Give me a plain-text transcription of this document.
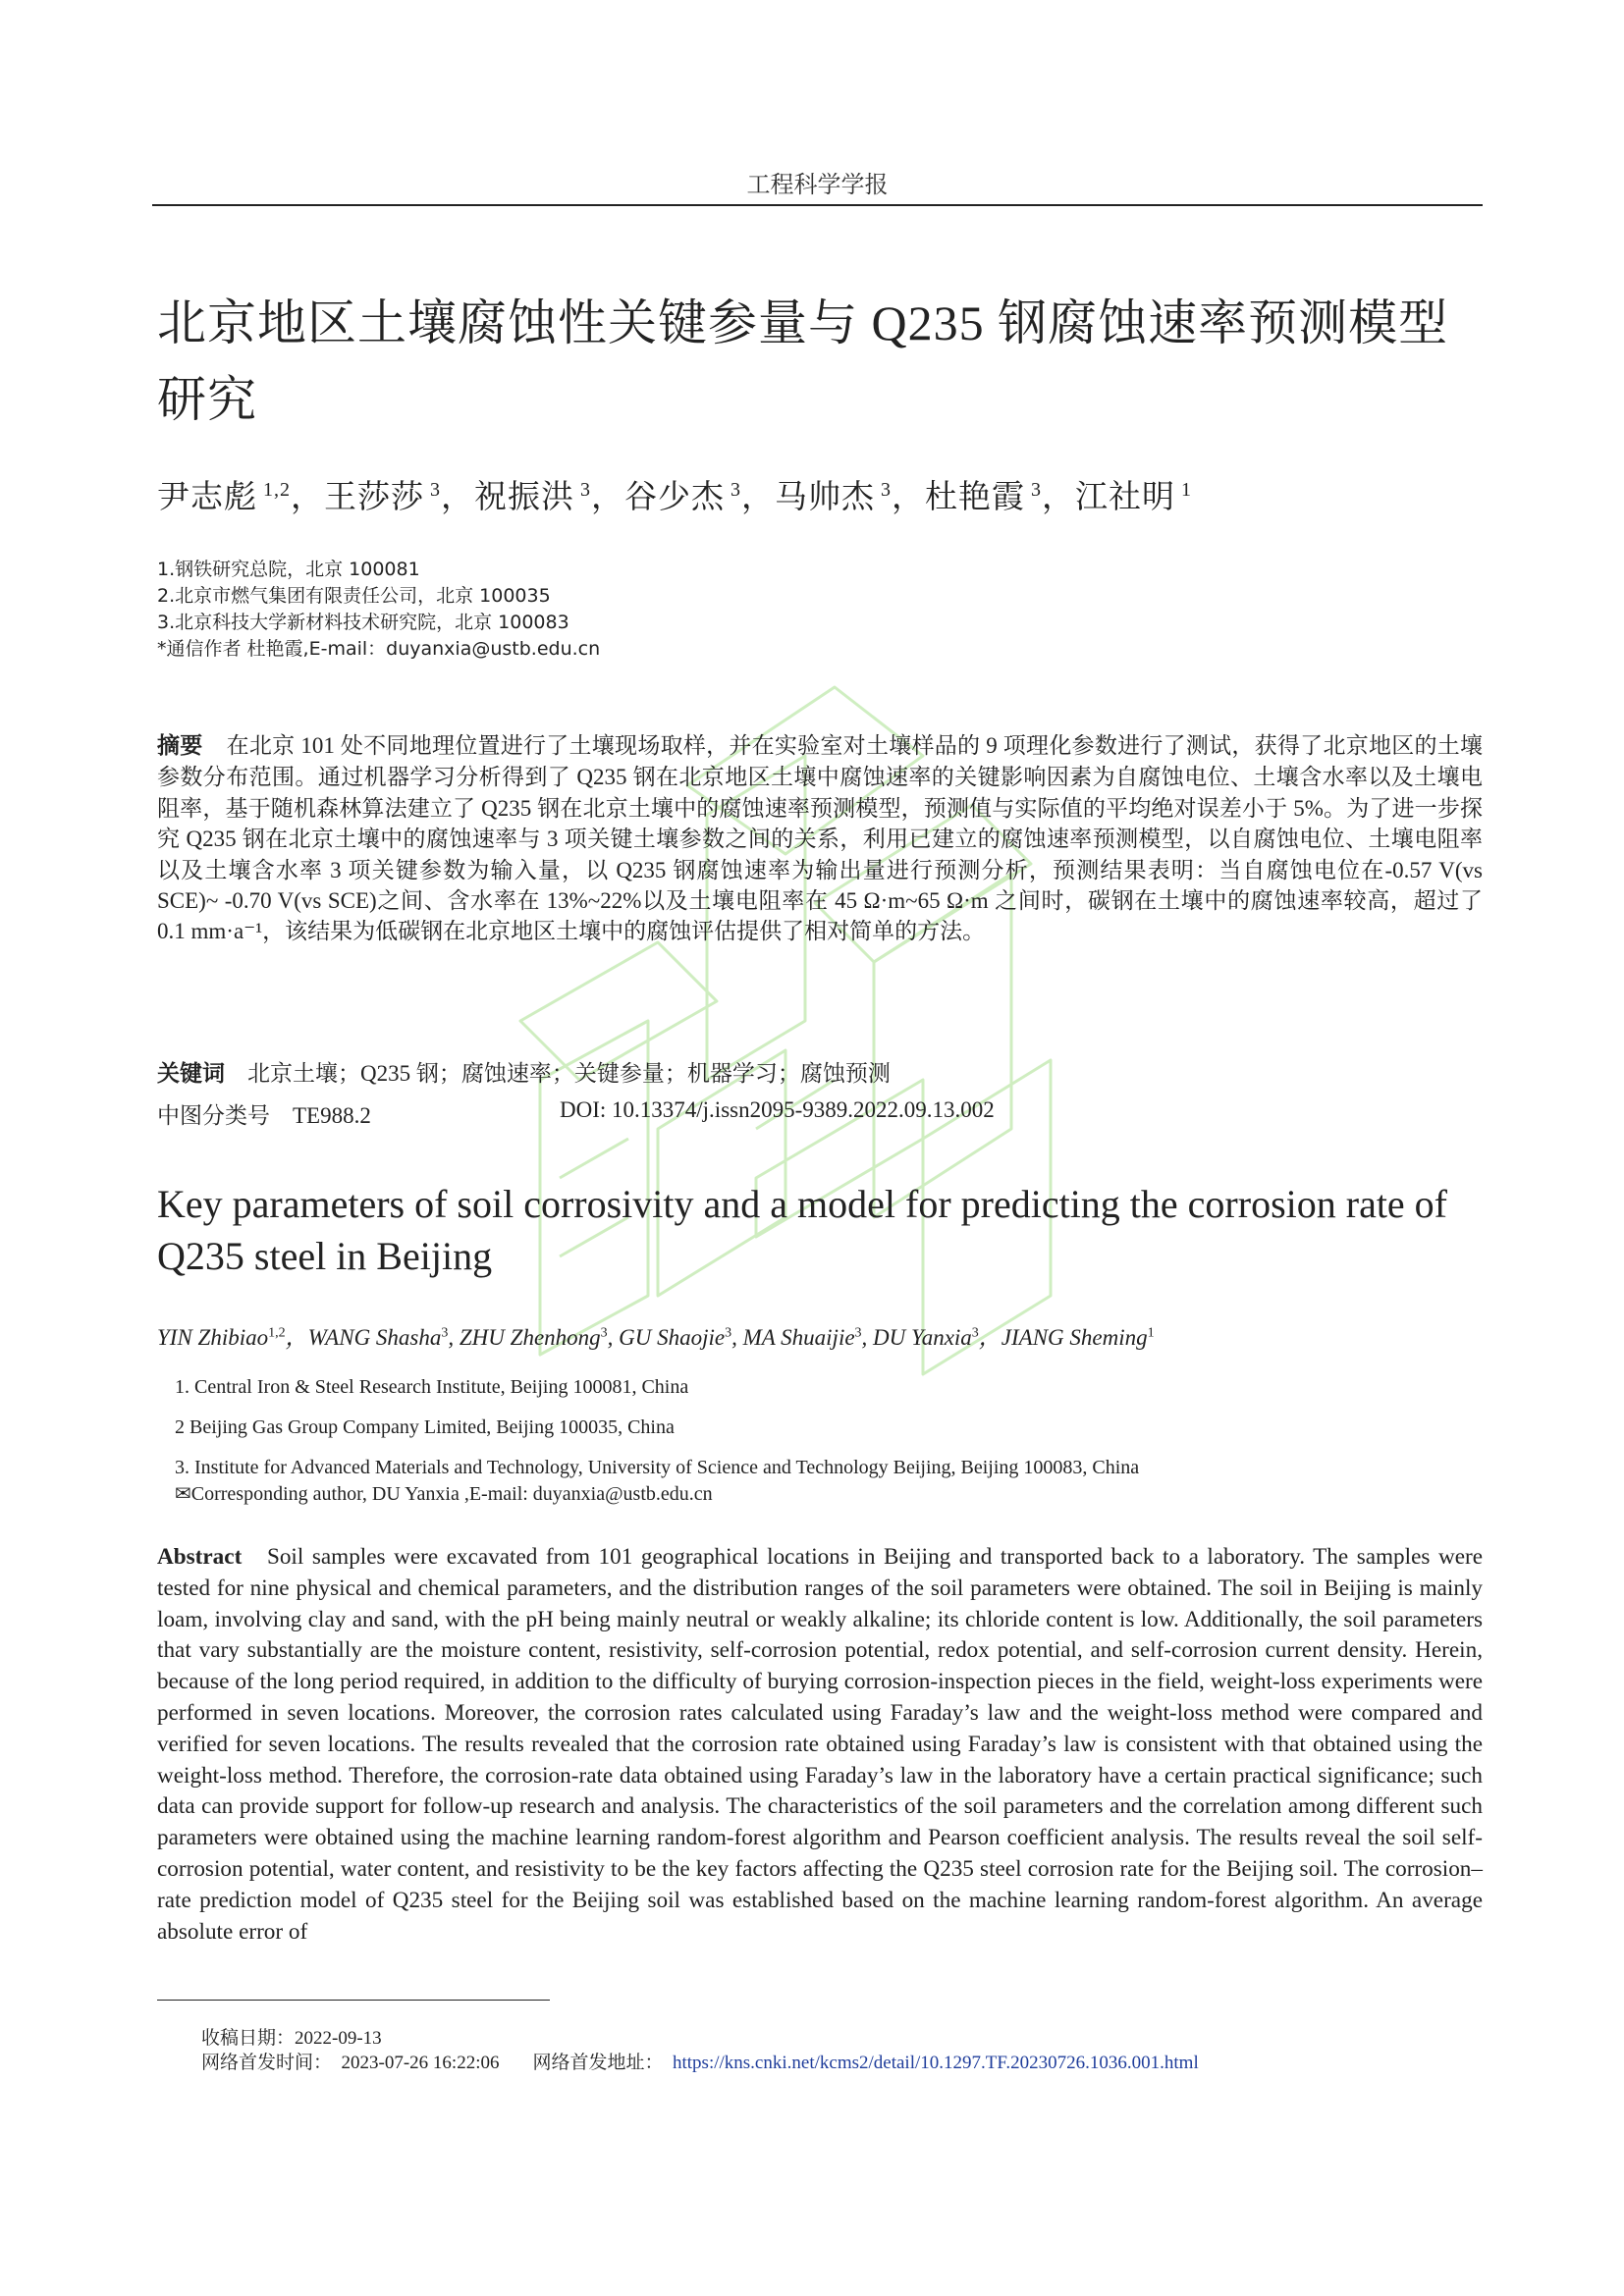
工程科学学报
北京地区土壤腐蚀性关键参量与 Q235 钢腐蚀速率预测模型研究
尹志彪 $^{1,2}$，王莎莎 $^3$，祝振洪 $^3$，谷少杰 $^3$，马帅杰 $^3$，杜艳霞 $^3$，江社明 $^1$
1.钢铁研究总院，北京 100081
2.北京市燃气集团有限责任公司，北京 100035
3.北京科技大学新材料技术研究院，北京 100083
*通信作者 杜艳霞,E-mail：duyanxia@ustb.edu.cn
摘要 在北京 101 处不同地理位置进行了土壤现场取样，并在实验室对土壤样品的 9 项理化参数进行了测试，获得了北京地区的土壤参数分布范围。通过机器学习分析得到了 Q235 钢在北京地区土壤中腐蚀速率的关键影响因素为自腐蚀电位、土壤含水率以及土壤电阻率，基于随机森林算法建立了 Q235 钢在北京土壤中的腐蚀速率预测模型，预测值与实际值的平均绝对误差小于 5%。为了进一步探究 Q235 钢在北京土壤中的腐蚀速率与 3 项关键土壤参数之间的关系，利用已建立的腐蚀速率预测模型，以自腐蚀电位、土壤电阻率以及土壤含水率 3 项关键参数为输入量，以 Q235 钢腐蚀速率为输出量进行预测分析，预测结果表明：当自腐蚀电位在-0.57 V(vs SCE)~ -0.70 V(vs SCE)之间、含水率在 13%~22%以及土壤电阻率在 45 Ω·m~65 Ω·m 之间时，碳钢在土壤中的腐蚀速率较高，超过了 0.1 mm·a⁻¹，该结果为低碳钢在北京地区土壤中的腐蚀评估提供了相对简单的方法。
关键词 北京土壤；Q235 钢；腐蚀速率；关键参量；机器学习；腐蚀预测
中图分类号 TE988.2	DOI: 10.13374/j.issn2095-9389.2022.09.13.002
Key parameters of soil corrosivity and a model for predicting the corrosion rate of Q235 steel in Beijing
YIN Zhibiao$^{1,2}$，WANG Shasha$^3$, ZHU Zhenhong$^3$, GU Shaojie$^3$, MA Shuaijie$^3$, DU Yanxia$^3$，JIANG Sheming$^1$
1. Central Iron & Steel Research Institute, Beijing 100081, China
2 Beijing Gas Group Company Limited, Beijing 100035, China
3. Institute for Advanced Materials and Technology, University of Science and Technology Beijing, Beijing 100083, China
✉Corresponding author, DU Yanxia ,E-mail: duyanxia@ustb.edu.cn
Abstract Soil samples were excavated from 101 geographical locations in Beijing and transported back to a laboratory. The samples were tested for nine physical and chemical parameters, and the distribution ranges of the soil parameters were obtained. The soil in Beijing is mainly loam, involving clay and sand, with the pH being mainly neutral or weakly alkaline; its chloride content is low. Additionally, the soil parameters that vary substantially are the moisture content, resistivity, self-corrosion potential, redox potential, and self-corrosion current density. Herein, because of the long period required, in addition to the difficulty of burying corrosion-inspection pieces in the field, weight-loss experiments were performed in seven locations. Moreover, the corrosion rates calculated using Faraday’s law and the weight-loss method were compared and verified for seven locations. The results revealed that the corrosion rate obtained using Faraday’s law is consistent with that obtained using the weight-loss method. Therefore, the corrosion-rate data obtained using Faraday’s law in the laboratory have a certain practical significance; such data can provide support for follow-up research and analysis. The characteristics of the soil parameters and the correlation among different such parameters were obtained using the machine learning random-forest algorithm and Pearson coefficient analysis. The results reveal the soil self-corrosion potential, water content, and resistivity to be the key factors affecting the Q235 steel corrosion rate for the Beijing soil. The corrosion–rate prediction model of Q235 steel for the Beijing soil was established based on the machine learning random-forest algorithm. An average absolute error of
收稿日期：2022-09-13
网络首发时间： 2023-07-26 16:22:06 网络首发地址： https://kns.cnki.net/kcms2/detail/10.1297.TF.20230726.1036.001.html
